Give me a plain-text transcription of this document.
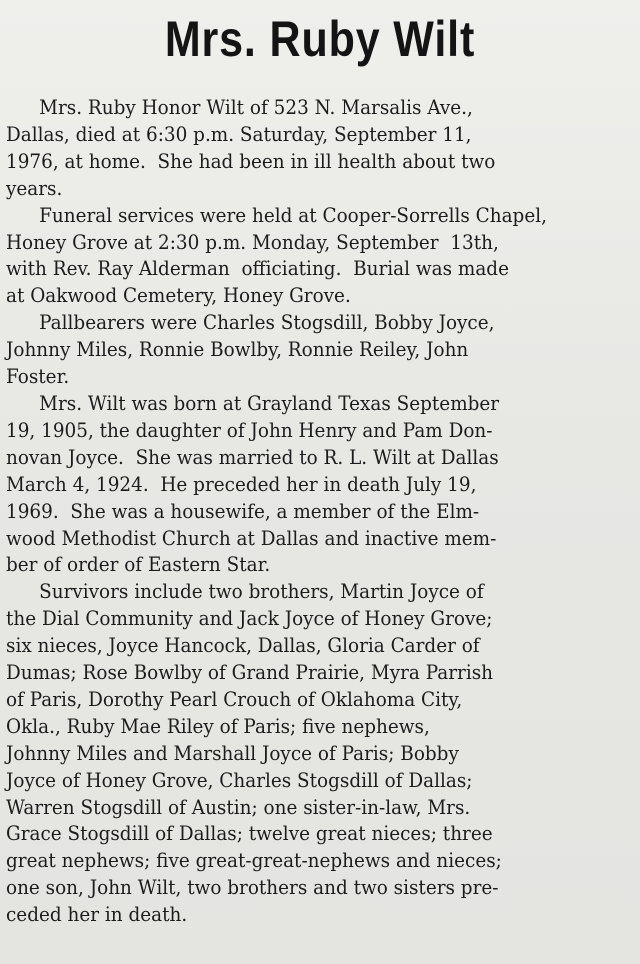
Mrs. Ruby Wilt
Mrs. Ruby Honor Wilt of 523 N. Marsalis Ave.,
Dallas, died at 6:30 p.m. Saturday, September 11,
1976, at home.  She had been in ill health about two
years.
Funeral services were held at Cooper-Sorrells Chapel,
Honey Grove at 2:30 p.m. Monday, September  13th,
with Rev. Ray Alderman  officiating.  Burial was made
at Oakwood Cemetery, Honey Grove.
Pallbearers were Charles Stogsdill, Bobby Joyce,
Johnny Miles, Ronnie Bowlby, Ronnie Reiley, John
Foster.
Mrs. Wilt was born at Grayland Texas September
19, 1905, the daughter of John Henry and Pam Don-
novan Joyce.  She was married to R. L. Wilt at Dallas
March 4, 1924.  He preceded her in death July 19,
1969.  She was a housewife, a member of the Elm-
wood Methodist Church at Dallas and inactive mem-
ber of order of Eastern Star.
Survivors include two brothers, Martin Joyce of
the Dial Community and Jack Joyce of Honey Grove;
six nieces, Joyce Hancock, Dallas, Gloria Carder of
Dumas; Rose Bowlby of Grand Prairie, Myra Parrish
of Paris, Dorothy Pearl Crouch of Oklahoma City,
Okla., Ruby Mae Riley of Paris; five nephews,
Johnny Miles and Marshall Joyce of Paris; Bobby
Joyce of Honey Grove, Charles Stogsdill of Dallas;
Warren Stogsdill of Austin; one sister-in-law, Mrs.
Grace Stogsdill of Dallas; twelve great nieces; three
great nephews; five great-great-nephews and nieces;
one son, John Wilt, two brothers and two sisters pre-
ceded her in death.
